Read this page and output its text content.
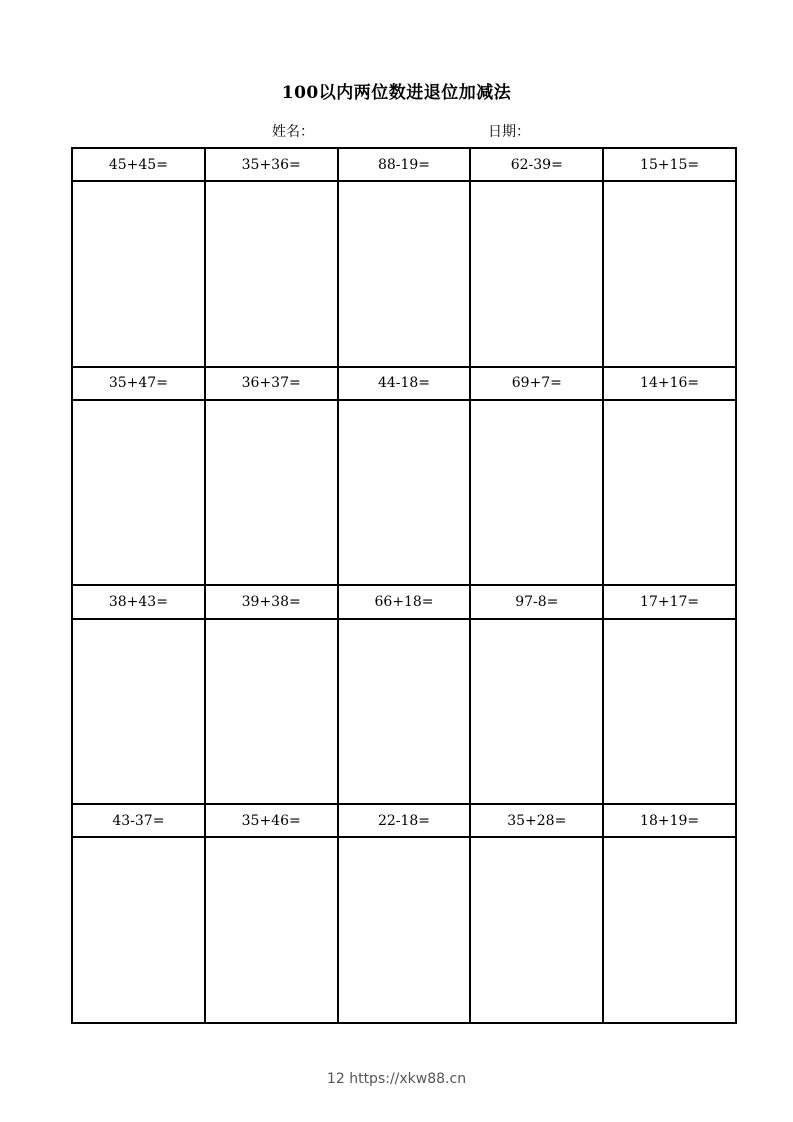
100以内两位数进退位加减法
姓名：	日期：
45+45=	35+36=	88-19=	62-39=	15+15=

35+47=	36+37=	44-18=	69+7=	14+16=

38+43=	39+38=	66+18=	97-8=	17+17=

43-37=	35+46=	22-18=	35+28=	18+19=

12 https://xkw88.cn
